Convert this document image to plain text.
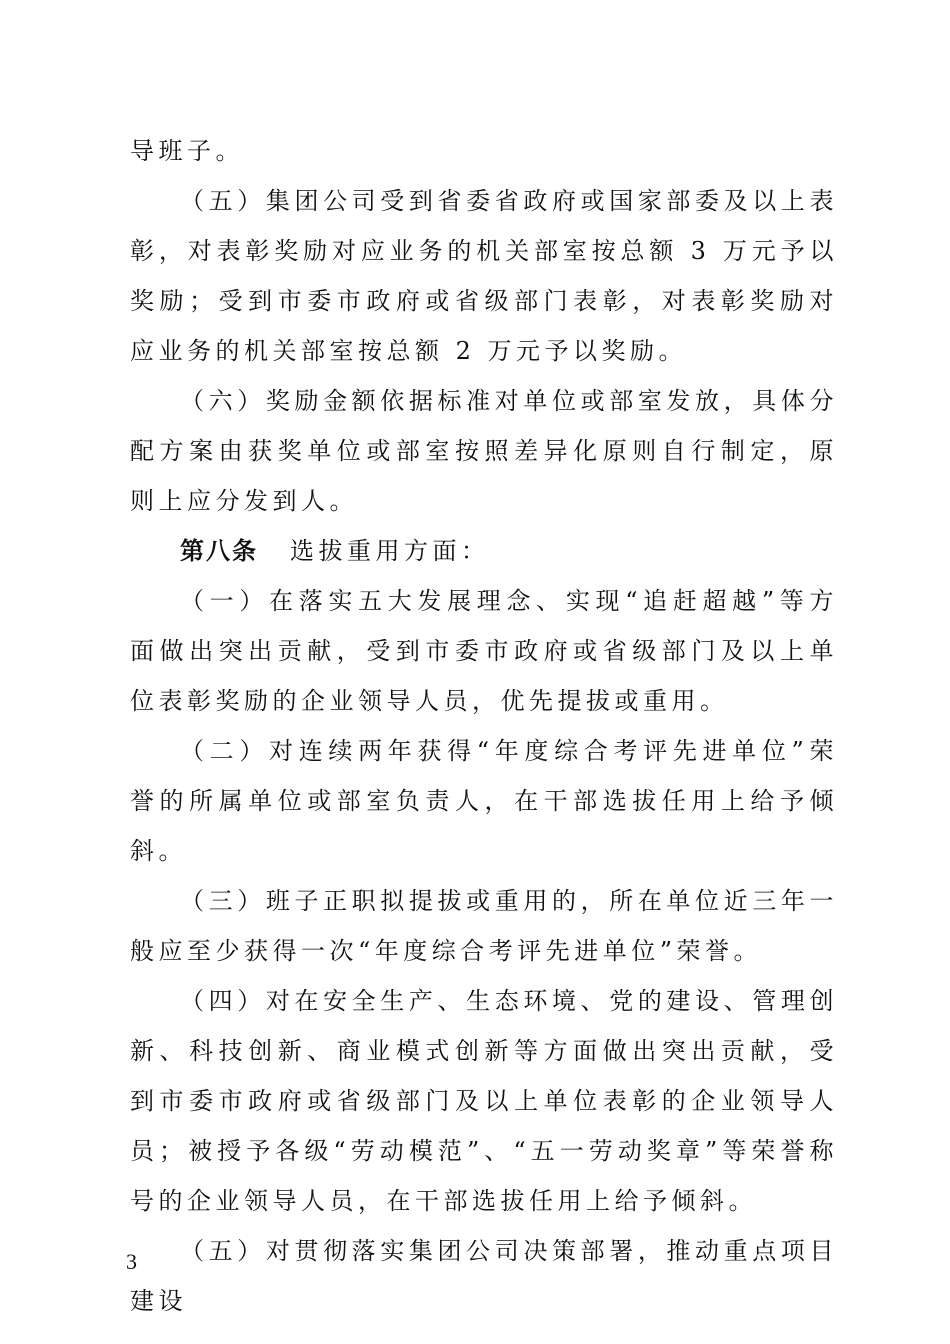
导班子。

（五）集团公司受到省委省政府或国家部委及以上表彰，对表彰奖励对应业务的机关部室按总额 3 万元予以奖励；受到市委市政府或省级部门表彰，对表彰奖励对应业务的机关部室按总额 2 万元予以奖励。

（六）奖励金额依据标准对单位或部室发放，具体分配方案由获奖单位或部室按照差异化原则自行制定，原则上应分发到人。

第八条 选拔重用方面：

（一）在落实五大发展理念、实现“追赶超越”等方面做出突出贡献，受到市委市政府或省级部门及以上单位表彰奖励的企业领导人员，优先提拔或重用。

（二）对连续两年获得“年度综合考评先进单位”荣誉的所属单位或部室负责人，在干部选拔任用上给予倾斜。

（三）班子正职拟提拔或重用的，所在单位近三年一般应至少获得一次“年度综合考评先进单位”荣誉。

（四）对在安全生产、生态环境、党的建设、管理创新、科技创新、商业模式创新等方面做出突出贡献，受到市委市政府或省级部门及以上单位表彰的企业领导人员；被授予各级“劳动模范”、“五一劳动奖章”等荣誉称号的企业领导人员，在干部选拔任用上给予倾斜。

（五）对贯彻落实集团公司决策部署，推动重点项目建设

3
